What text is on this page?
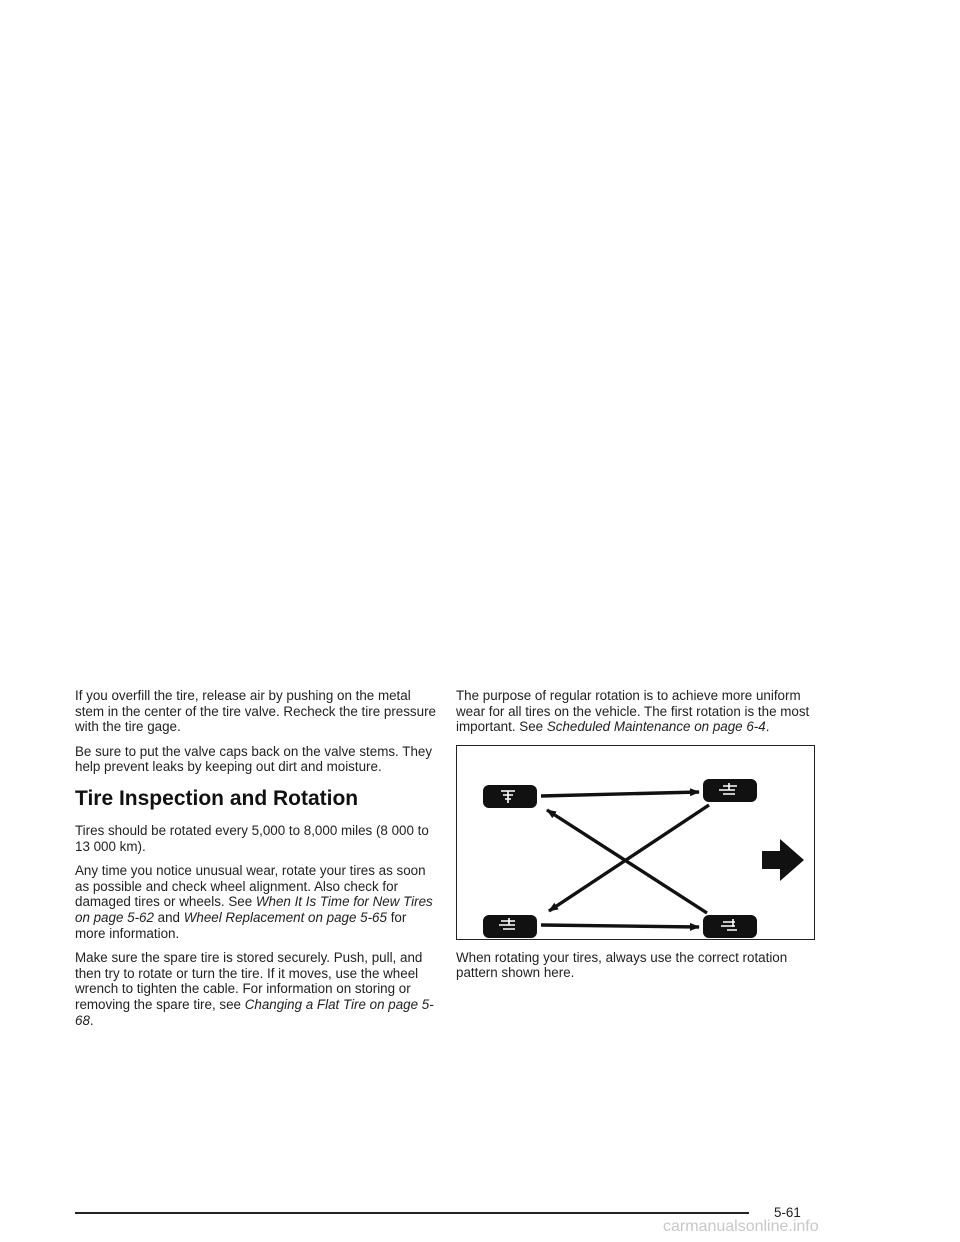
If you overfill the tire, release air by pushing on the metal stem in the center of the tire valve. Recheck the tire pressure with the tire gage.

Be sure to put the valve caps back on the valve stems. They help prevent leaks by keeping out dirt and moisture.

Tire Inspection and Rotation

Tires should be rotated every 5,000 to 8,000 miles (8 000 to 13 000 km).

Any time you notice unusual wear, rotate your tires as soon as possible and check wheel alignment. Also check for damaged tires or wheels. See When It Is Time for New Tires on page 5-62 and Wheel Replacement on page 5-65 for more information.

Make sure the spare tire is stored securely. Push, pull, and then try to rotate or turn the tire. If it moves, use the wheel wrench to tighten the cable. For information on storing or removing the spare tire, see Changing a Flat Tire on page 5-68.

The purpose of regular rotation is to achieve more uniform wear for all tires on the vehicle. The first rotation is the most important. See Scheduled Maintenance on page 6-4.

When rotating your tires, always use the correct rotation pattern shown here.

5-61
carmanualsonline.info
